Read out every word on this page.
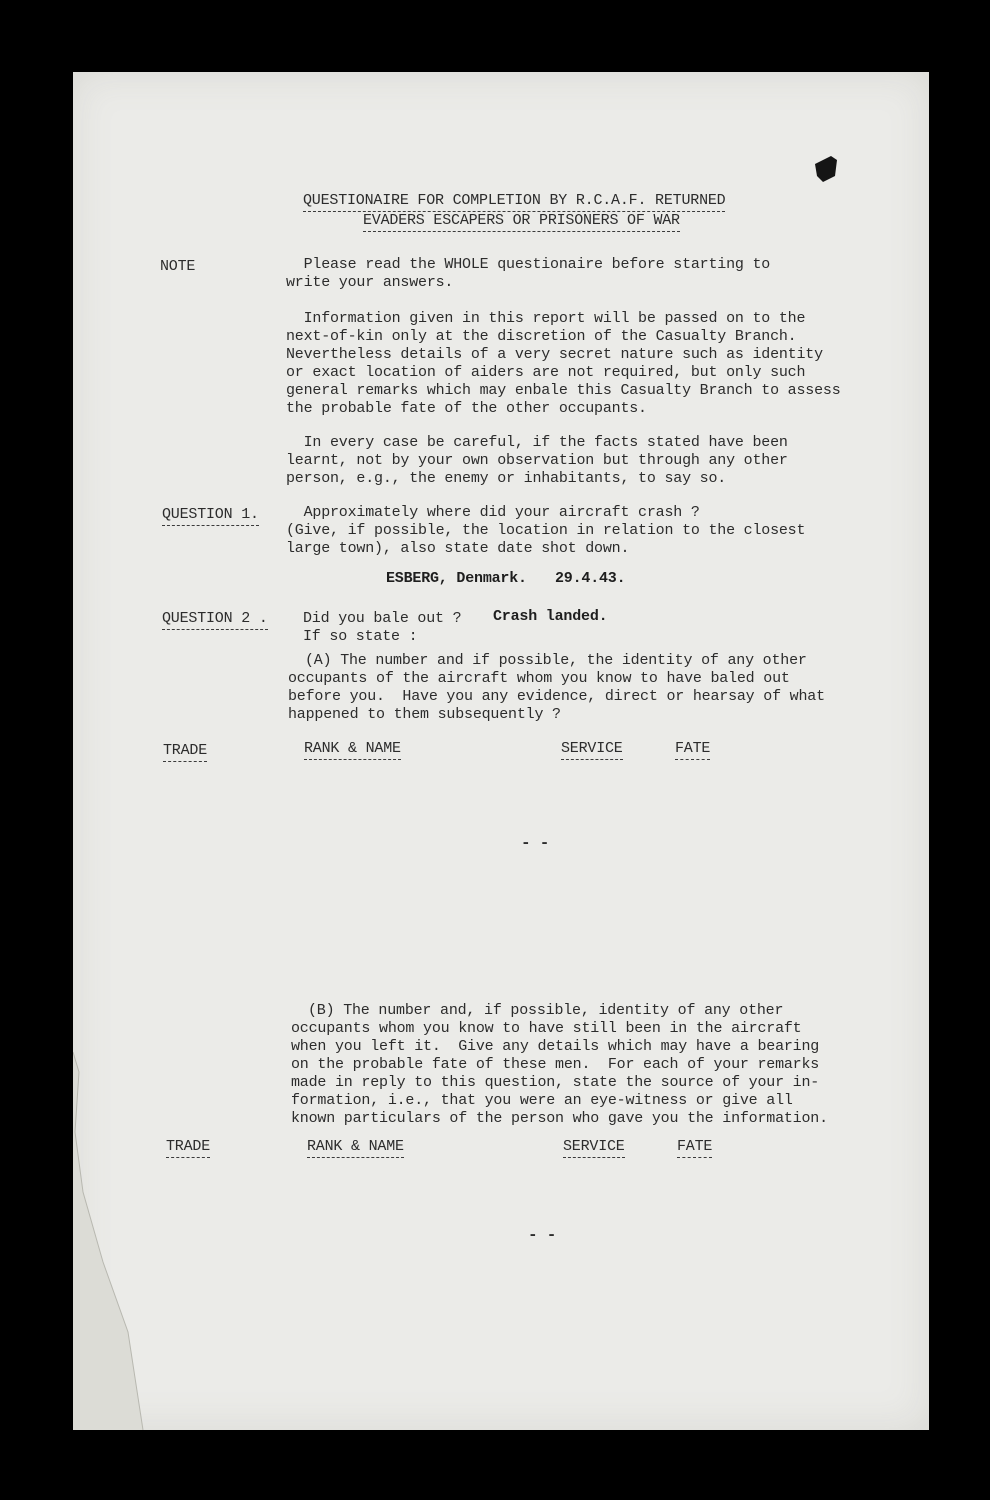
QUESTIONAIRE FOR COMPLETION BY R.C.A.F. RETURNED
EVADERS ESCAPERS OR PRISONERS OF WAR
NOTE	Please read the WHOLE questionaire before starting to
write your answers.
Information given in this report will be passed on to the
next-of-kin only at the discretion of the Casualty Branch.
Nevertheless details of a very secret nature such as identity
or exact location of aiders are not required, but only such
general remarks which may enbale this Casualty Branch to assess
the probable fate of the other occupants.
In every case be careful, if the facts stated have been
learnt, not by your own observation but through any other
person, e.g., the enemy or inhabitants, to say so.
QUESTION 1. Approximately where did your aircraft crash ?
(Give, if possible, the location in relation to the closest
large town), also state date shot down.
ESBERG, Denmark. 29.4.43.
QUESTION 2 . Did you bale out ? Crash landed.
If so state :
(A) The number and if possible, the identity of any other
occupants of the aircraft whom you know to have baled out
before you.  Have you any evidence, direct or hearsay of what
happened to them subsequently ?
TRADE	RANK & NAME	SERVICE	FATE
- -
(B) The number and, if possible, identity of any other
occupants whom you know to have still been in the aircraft
when you left it.  Give any details which may have a bearing
on the probable fate of these men.  For each of your remarks
made in reply to this question, state the source of your in-
formation, i.e., that you were an eye-witness or give all
known particulars of the person who gave you the information.
TRADE	RANK & NAME	SERVICE	FATE
- -
